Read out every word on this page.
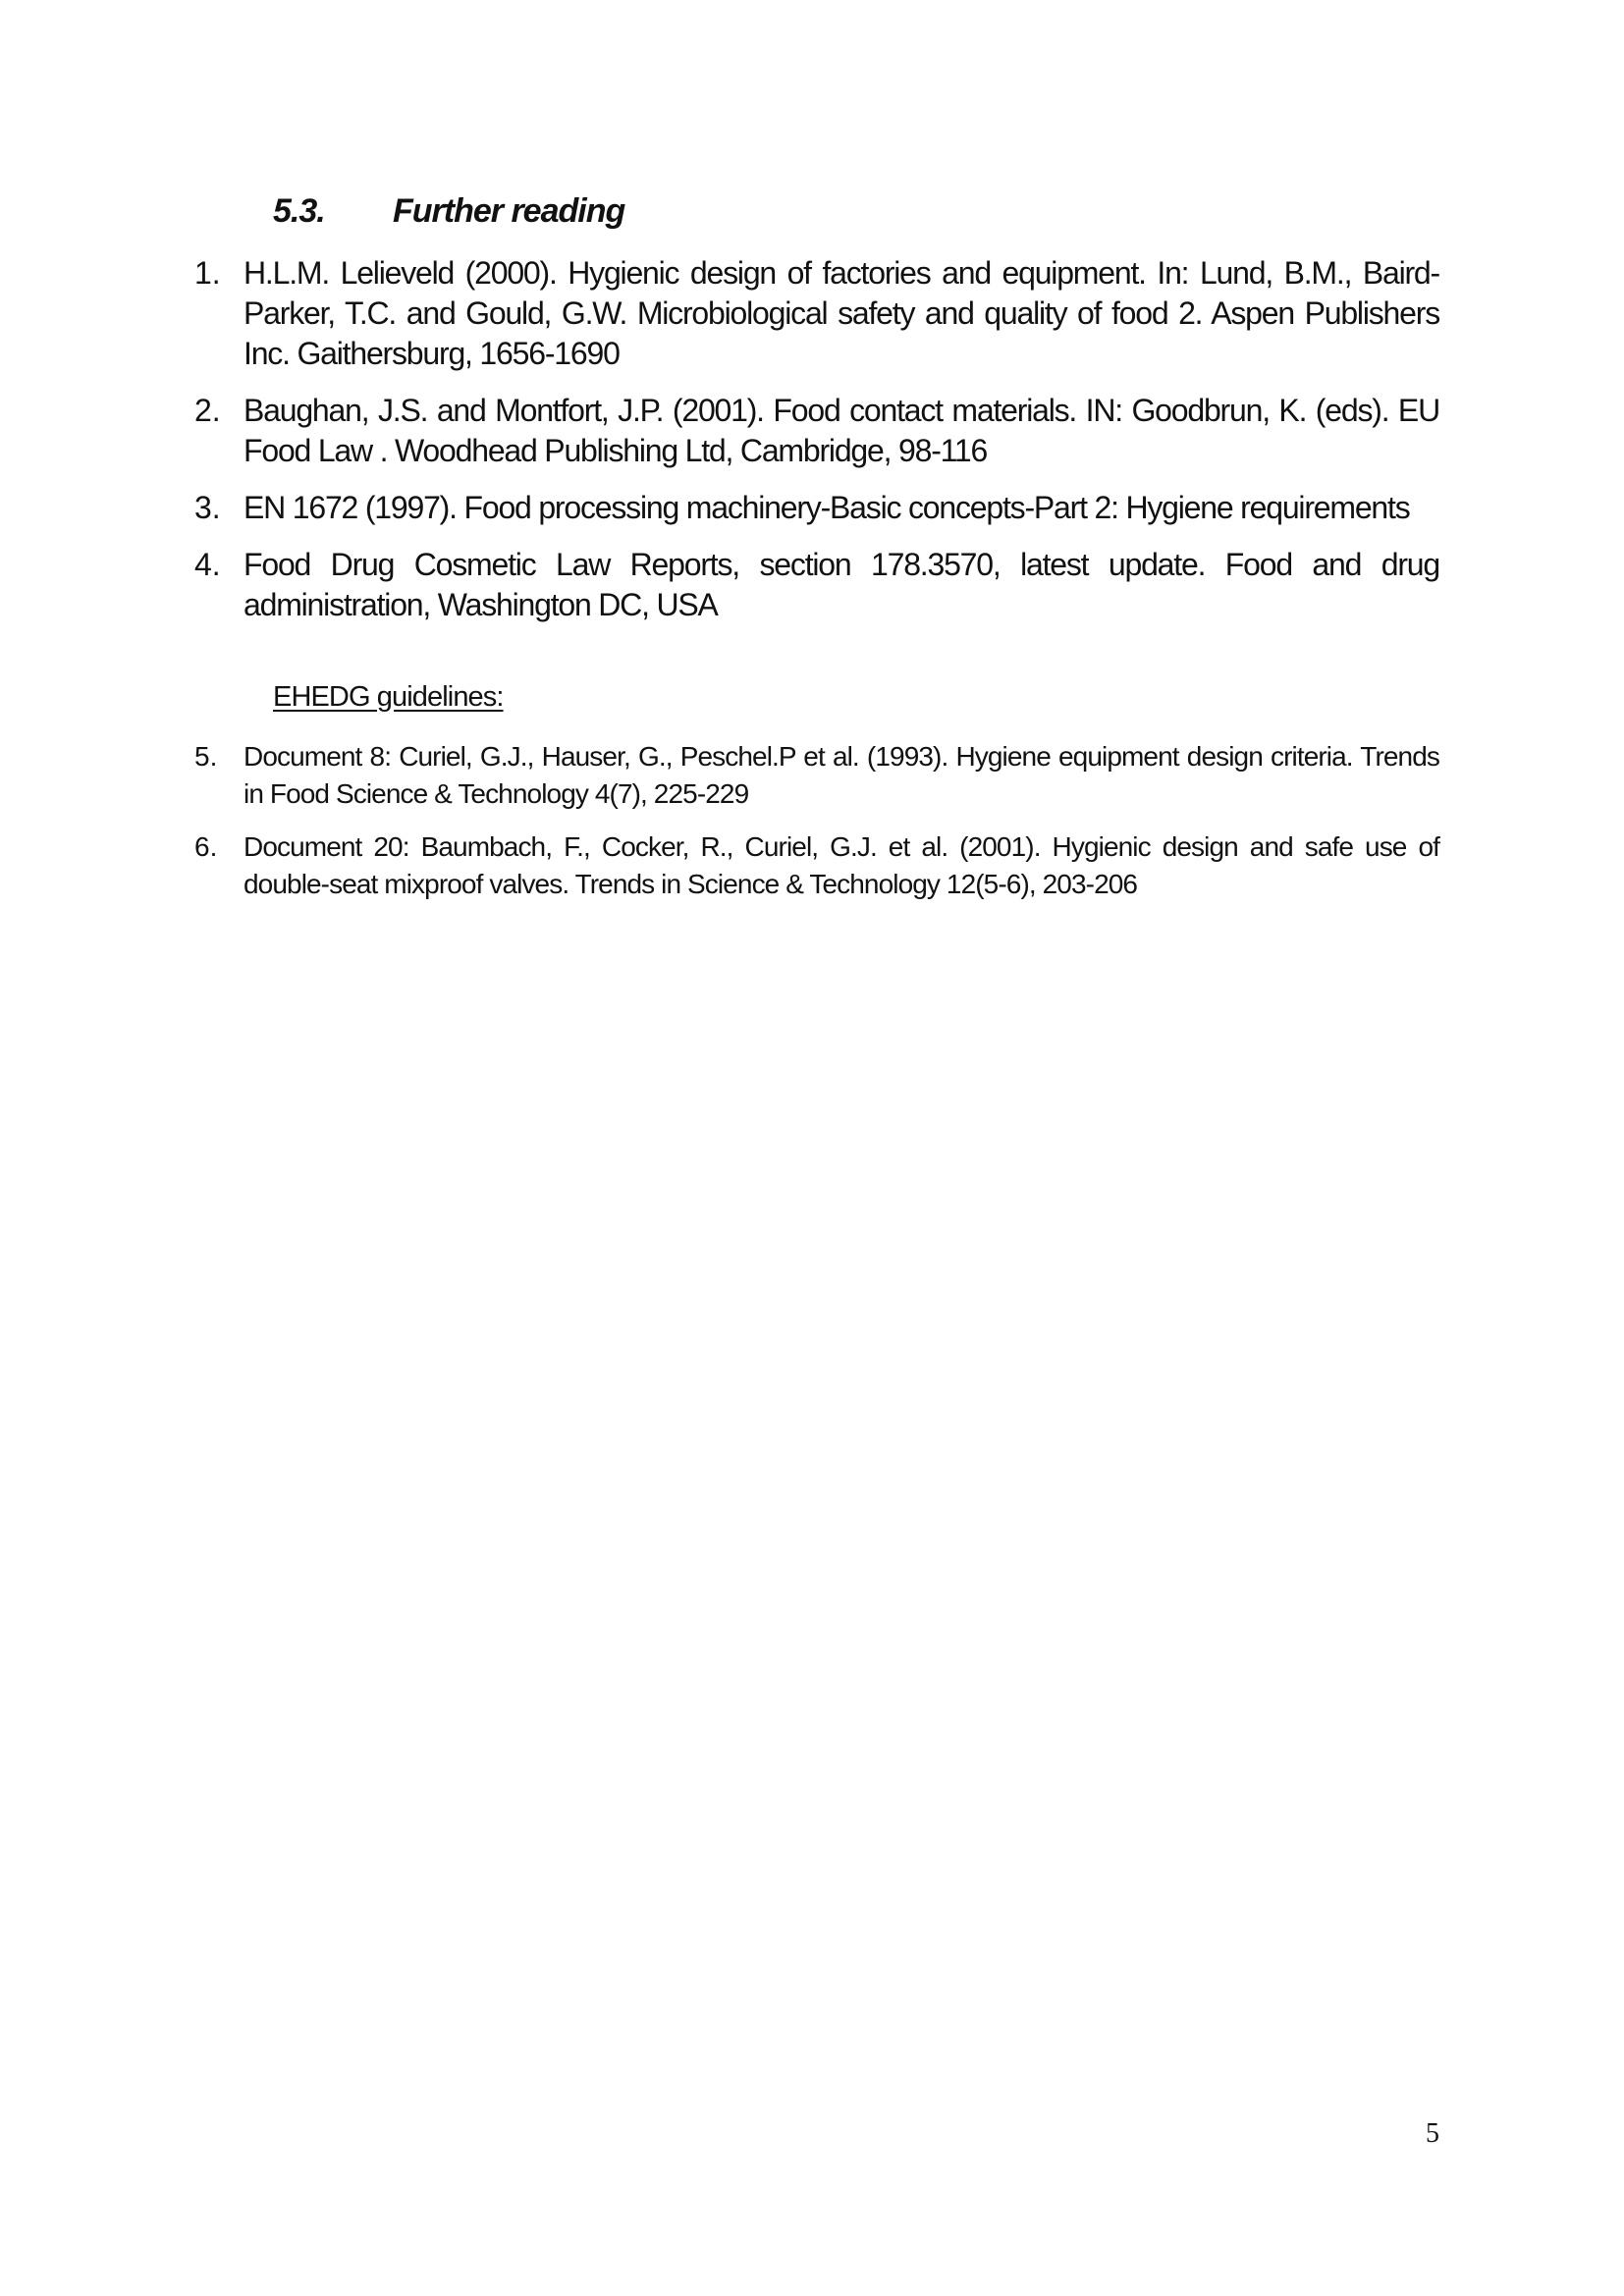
5.3. Further reading
1. H.L.M. Lelieveld (2000). Hygienic design of factories and equipment. In: Lund, B.M., Baird-Parker, T.C. and Gould, G.W. Microbiological safety and quality of food 2. Aspen Publishers Inc. Gaithersburg, 1656-1690
2. Baughan, J.S. and Montfort, J.P. (2001). Food contact materials. IN: Goodbrun, K. (eds). EU Food Law . Woodhead Publishing Ltd, Cambridge, 98-116
3. EN 1672 (1997). Food processing machinery-Basic concepts-Part 2: Hygiene requirements
4. Food Drug Cosmetic Law Reports, section 178.3570, latest update. Food and drug administration, Washington DC, USA
EHEDG guidelines:
5. Document 8: Curiel, G.J., Hauser, G., Peschel.P et al. (1993). Hygiene equipment design criteria. Trends in Food Science & Technology 4(7), 225-229
6. Document 20: Baumbach, F., Cocker, R., Curiel, G.J. et al. (2001). Hygienic design and safe use of double-seat mixproof valves. Trends in Science & Technology 12(5-6), 203-206
5
